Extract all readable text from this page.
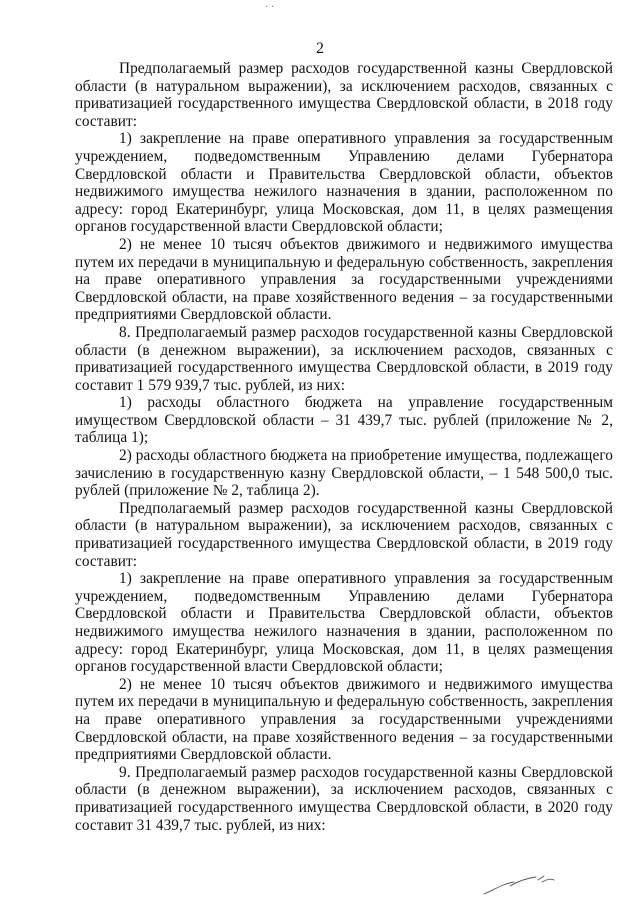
· ·
2

Предполагаемый размер расходов государственной казны Свердловской области (в натуральном выражении), за исключением расходов, связанных с приватизацией государственного имущества Свердловской области, в 2018 году составит:

1) закрепление на праве оперативного управления за государственным учреждением, подведомственным Управлению делами Губернатора Свердловской области и Правительства Свердловской области, объектов недвижимого имущества нежилого назначения в здании, расположенном по адресу: город Екатеринбург, улица Московская, дом 11, в целях размещения органов государственной власти Свердловской области;

2) не менее 10 тысяч объектов движимого и недвижимого имущества путем их передачи в муниципальную и федеральную собственность, закрепления на праве оперативного управления за государственными учреждениями Свердловской области, на праве хозяйственного ведения – за государственными предприятиями Свердловской области.

8. Предполагаемый размер расходов государственной казны Свердловской области (в денежном выражении), за исключением расходов, связанных с приватизацией государственного имущества Свердловской области, в 2019 году составит 1 579 939,7 тыс. рублей, из них:

1) расходы областного бюджета на управление государственным имуществом Свердловской области – 31 439,7 тыс. рублей (приложение № 2, таблица 1);

2) расходы областного бюджета на приобретение имущества, подлежащего зачислению в государственную казну Свердловской области, – 1 548 500,0 тыс. рублей (приложение № 2, таблица 2).

Предполагаемый размер расходов государственной казны Свердловской области (в натуральном выражении), за исключением расходов, связанных с приватизацией государственного имущества Свердловской области, в 2019 году составит:

1) закрепление на праве оперативного управления за государственным учреждением, подведомственным Управлению делами Губернатора Свердловской области и Правительства Свердловской области, объектов недвижимого имущества нежилого назначения в здании, расположенном по адресу: город Екатеринбург, улица Московская, дом 11, в целях размещения органов государственной власти Свердловской области;

2) не менее 10 тысяч объектов движимого и недвижимого имущества путем их передачи в муниципальную и федеральную собственность, закрепления на праве оперативного управления за государственными учреждениями Свердловской области, на праве хозяйственного ведения – за государственными предприятиями Свердловской области.

9. Предполагаемый размер расходов государственной казны Свердловской области (в денежном выражении), за исключением расходов, связанных с приватизацией государственного имущества Свердловской области, в 2020 году составит 31 439,7 тыс. рублей, из них:
